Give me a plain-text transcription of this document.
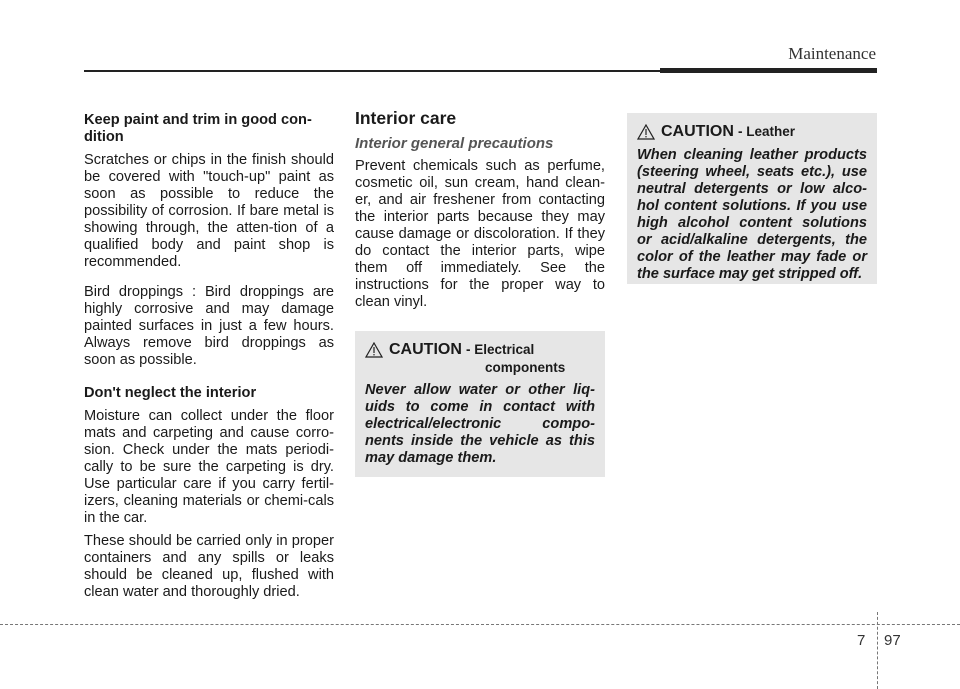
Maintenance
Keep paint and trim in good con-dition

Scratches or chips in the finish should be covered with "touch-up" paint as soon as possible to reduce the possibility of corrosion. If bare metal is showing through, the atten-tion of a qualified body and paint shop is recommended.

Bird droppings : Bird droppings are highly corrosive and may damage painted surfaces in just a few hours. Always remove bird droppings as soon as possible.

Don't neglect the interior

Moisture can collect under the floor mats and carpeting and cause corro-sion. Check under the mats periodi-cally to be sure the carpeting is dry. Use particular care if you carry fertil-izers, cleaning materials or chemi-cals in the car.

These should be carried only in proper containers and any spills or leaks should be cleaned up, flushed with clean water and thoroughly dried.

Interior care
Interior general precautions

Prevent chemicals such as perfume, cosmetic oil, sun cream, hand clean-er, and air freshener from contacting the interior parts because they may cause damage or discoloration. If they do contact the interior parts, wipe them off immediately. See the instructions for the proper way to clean vinyl.

CAUTION - Electrical
components
Never allow water or other liq-uids to come in contact with electrical/electronic compo-nents inside the vehicle as this may damage them.
CAUTION - Leather
When cleaning leather products (steering wheel, seats etc.), use neutral detergents or low alco-hol content solutions. If you use high alcohol content solutions or acid/alkaline detergents, the color of the leather may fade or the surface may get stripped off.
7 97
